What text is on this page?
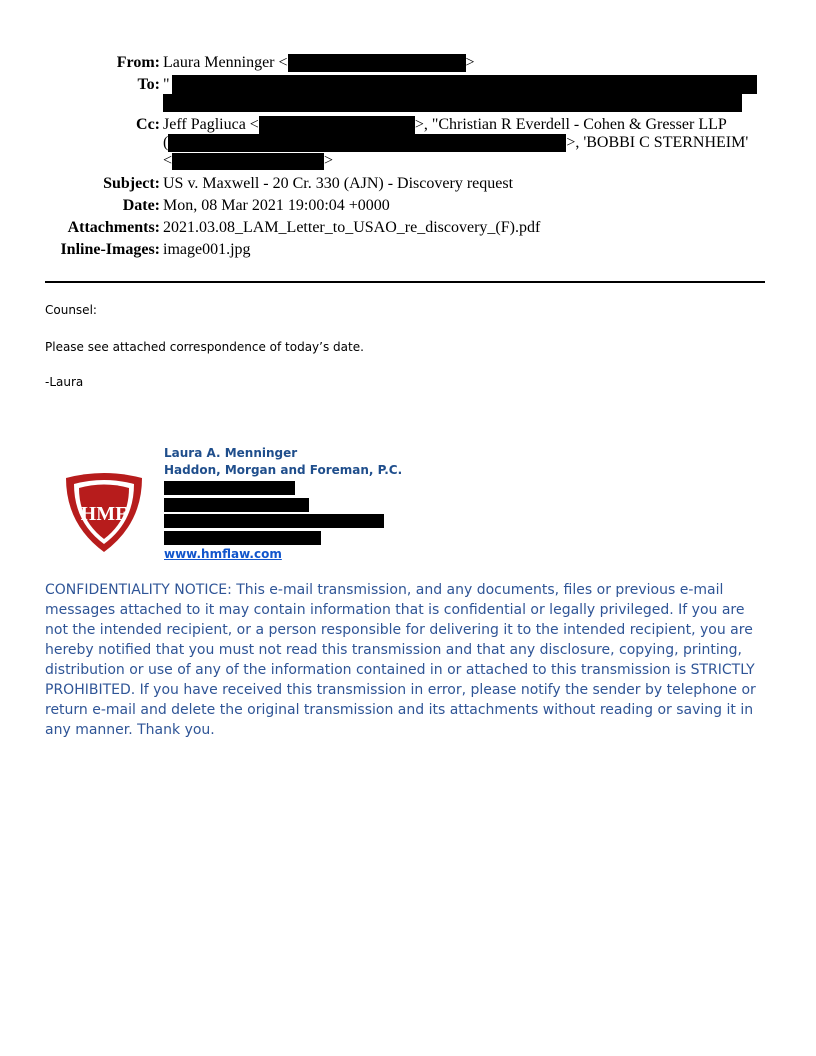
From: Laura Menninger <	>
To: "
Cc: Jeff Pagliuca <	>, "Christian R Everdell - Cohen & Gresser LLP
(	>, 'BOBBI C STERNHEIM'
<	>
Subject: US v. Maxwell - 20 Cr. 330 (AJN) - Discovery request
Date: Mon, 08 Mar 2021 19:00:04 +0000
Attachments: 2021.03.08_LAM_Letter_to_USAO_re_discovery_(F).pdf
Inline-Images: image001.jpg
Counsel:
Please see attached correspondence of today’s date.
-Laura
HMF
Laura A. Menninger
Haddon, Morgan and Foreman, P.C.
www.hmflaw.com

CONFIDENTIALITY NOTICE: This e-mail transmission, and any documents, files or previous e-mail messages attached to it may contain information that is confidential or legally privileged. If you are not the intended recipient, or a person responsible for delivering it to the intended recipient, you are hereby notified that you must not read this transmission and that any disclosure, copying, printing, distribution or use of any of the information contained in or attached to this transmission is STRICTLY PROHIBITED. If you have received this transmission in error, please notify the sender by telephone or return e-mail and delete the original transmission and its attachments without reading or saving it in any manner. Thank you.
